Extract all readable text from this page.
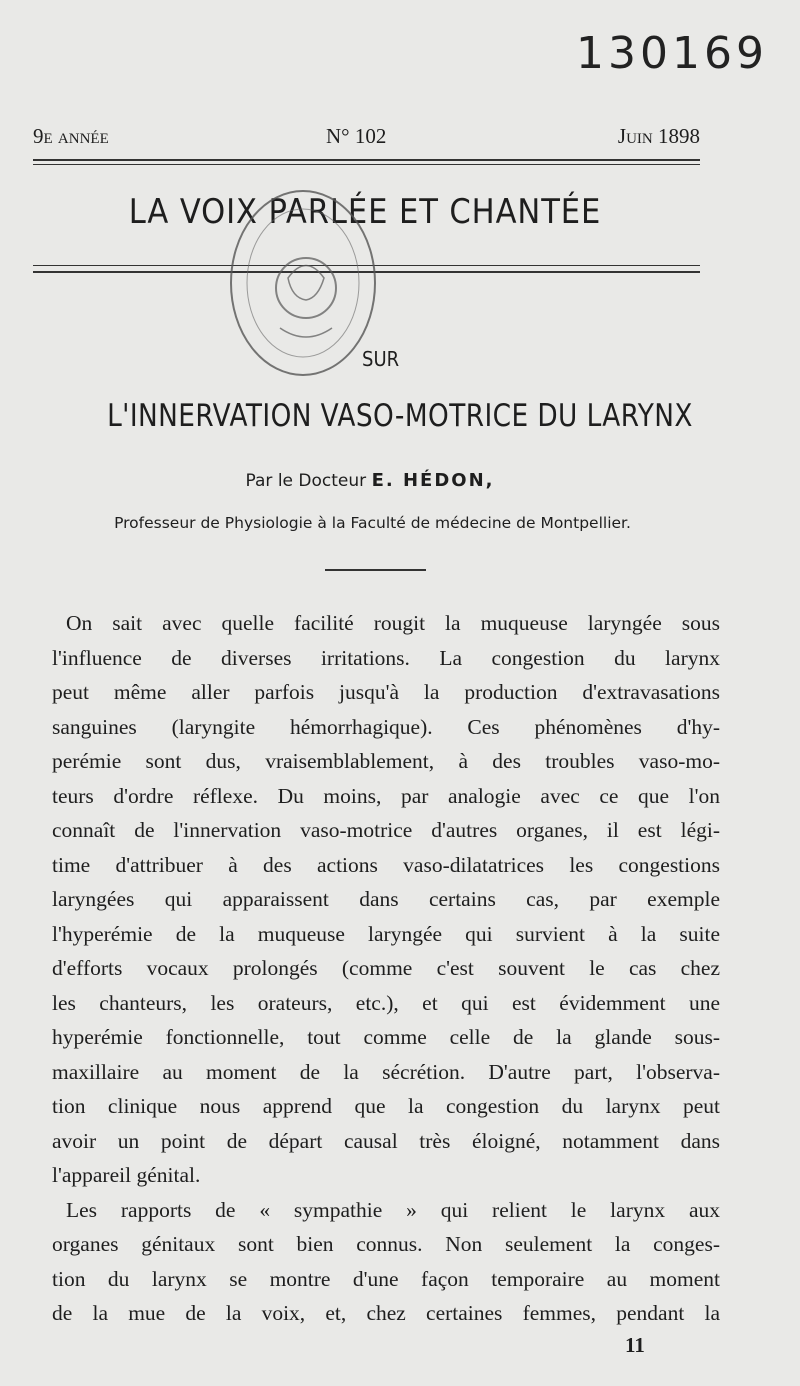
130169
9e année	N° 102	Juin 1898
LA VOIX PARLÉE ET CHANTÉE
SUR
L'INNERVATION VASO-MOTRICE DU LARYNX
Par le Docteur E. HÉDON,
Professeur de Physiologie à la Faculté de médecine de Montpellier.
On sait avec quelle facilité rougit la muqueuse laryngée sous
l'influence de diverses irritations. La congestion du larynx
peut même aller parfois jusqu'à la production d'extravasations
sanguines (laryngite hémorrhagique). Ces phénomènes d'hy-
perémie sont dus, vraisemblablement, à des troubles vaso-mo-
teurs d'ordre réflexe. Du moins, par analogie avec ce que l'on
connaît de l'innervation vaso-motrice d'autres organes, il est légi-
time d'attribuer à des actions vaso-dilatatrices les congestions
laryngées qui apparaissent dans certains cas, par exemple
l'hyperémie de la muqueuse laryngée qui survient à la suite
d'efforts vocaux prolongés (comme c'est souvent le cas chez
les chanteurs, les orateurs, etc.), et qui est évidemment une
hyperémie fonctionnelle, tout comme celle de la glande sous-
maxillaire au moment de la sécrétion. D'autre part, l'observa-
tion clinique nous apprend que la congestion du larynx peut
avoir un point de départ causal très éloigné, notamment dans
l'appareil génital.
Les rapports de « sympathie » qui relient le larynx aux
organes génitaux sont bien connus. Non seulement la conges-
tion du larynx se montre d'une façon temporaire au moment
de la mue de la voix, et, chez certaines femmes, pendant la
11
